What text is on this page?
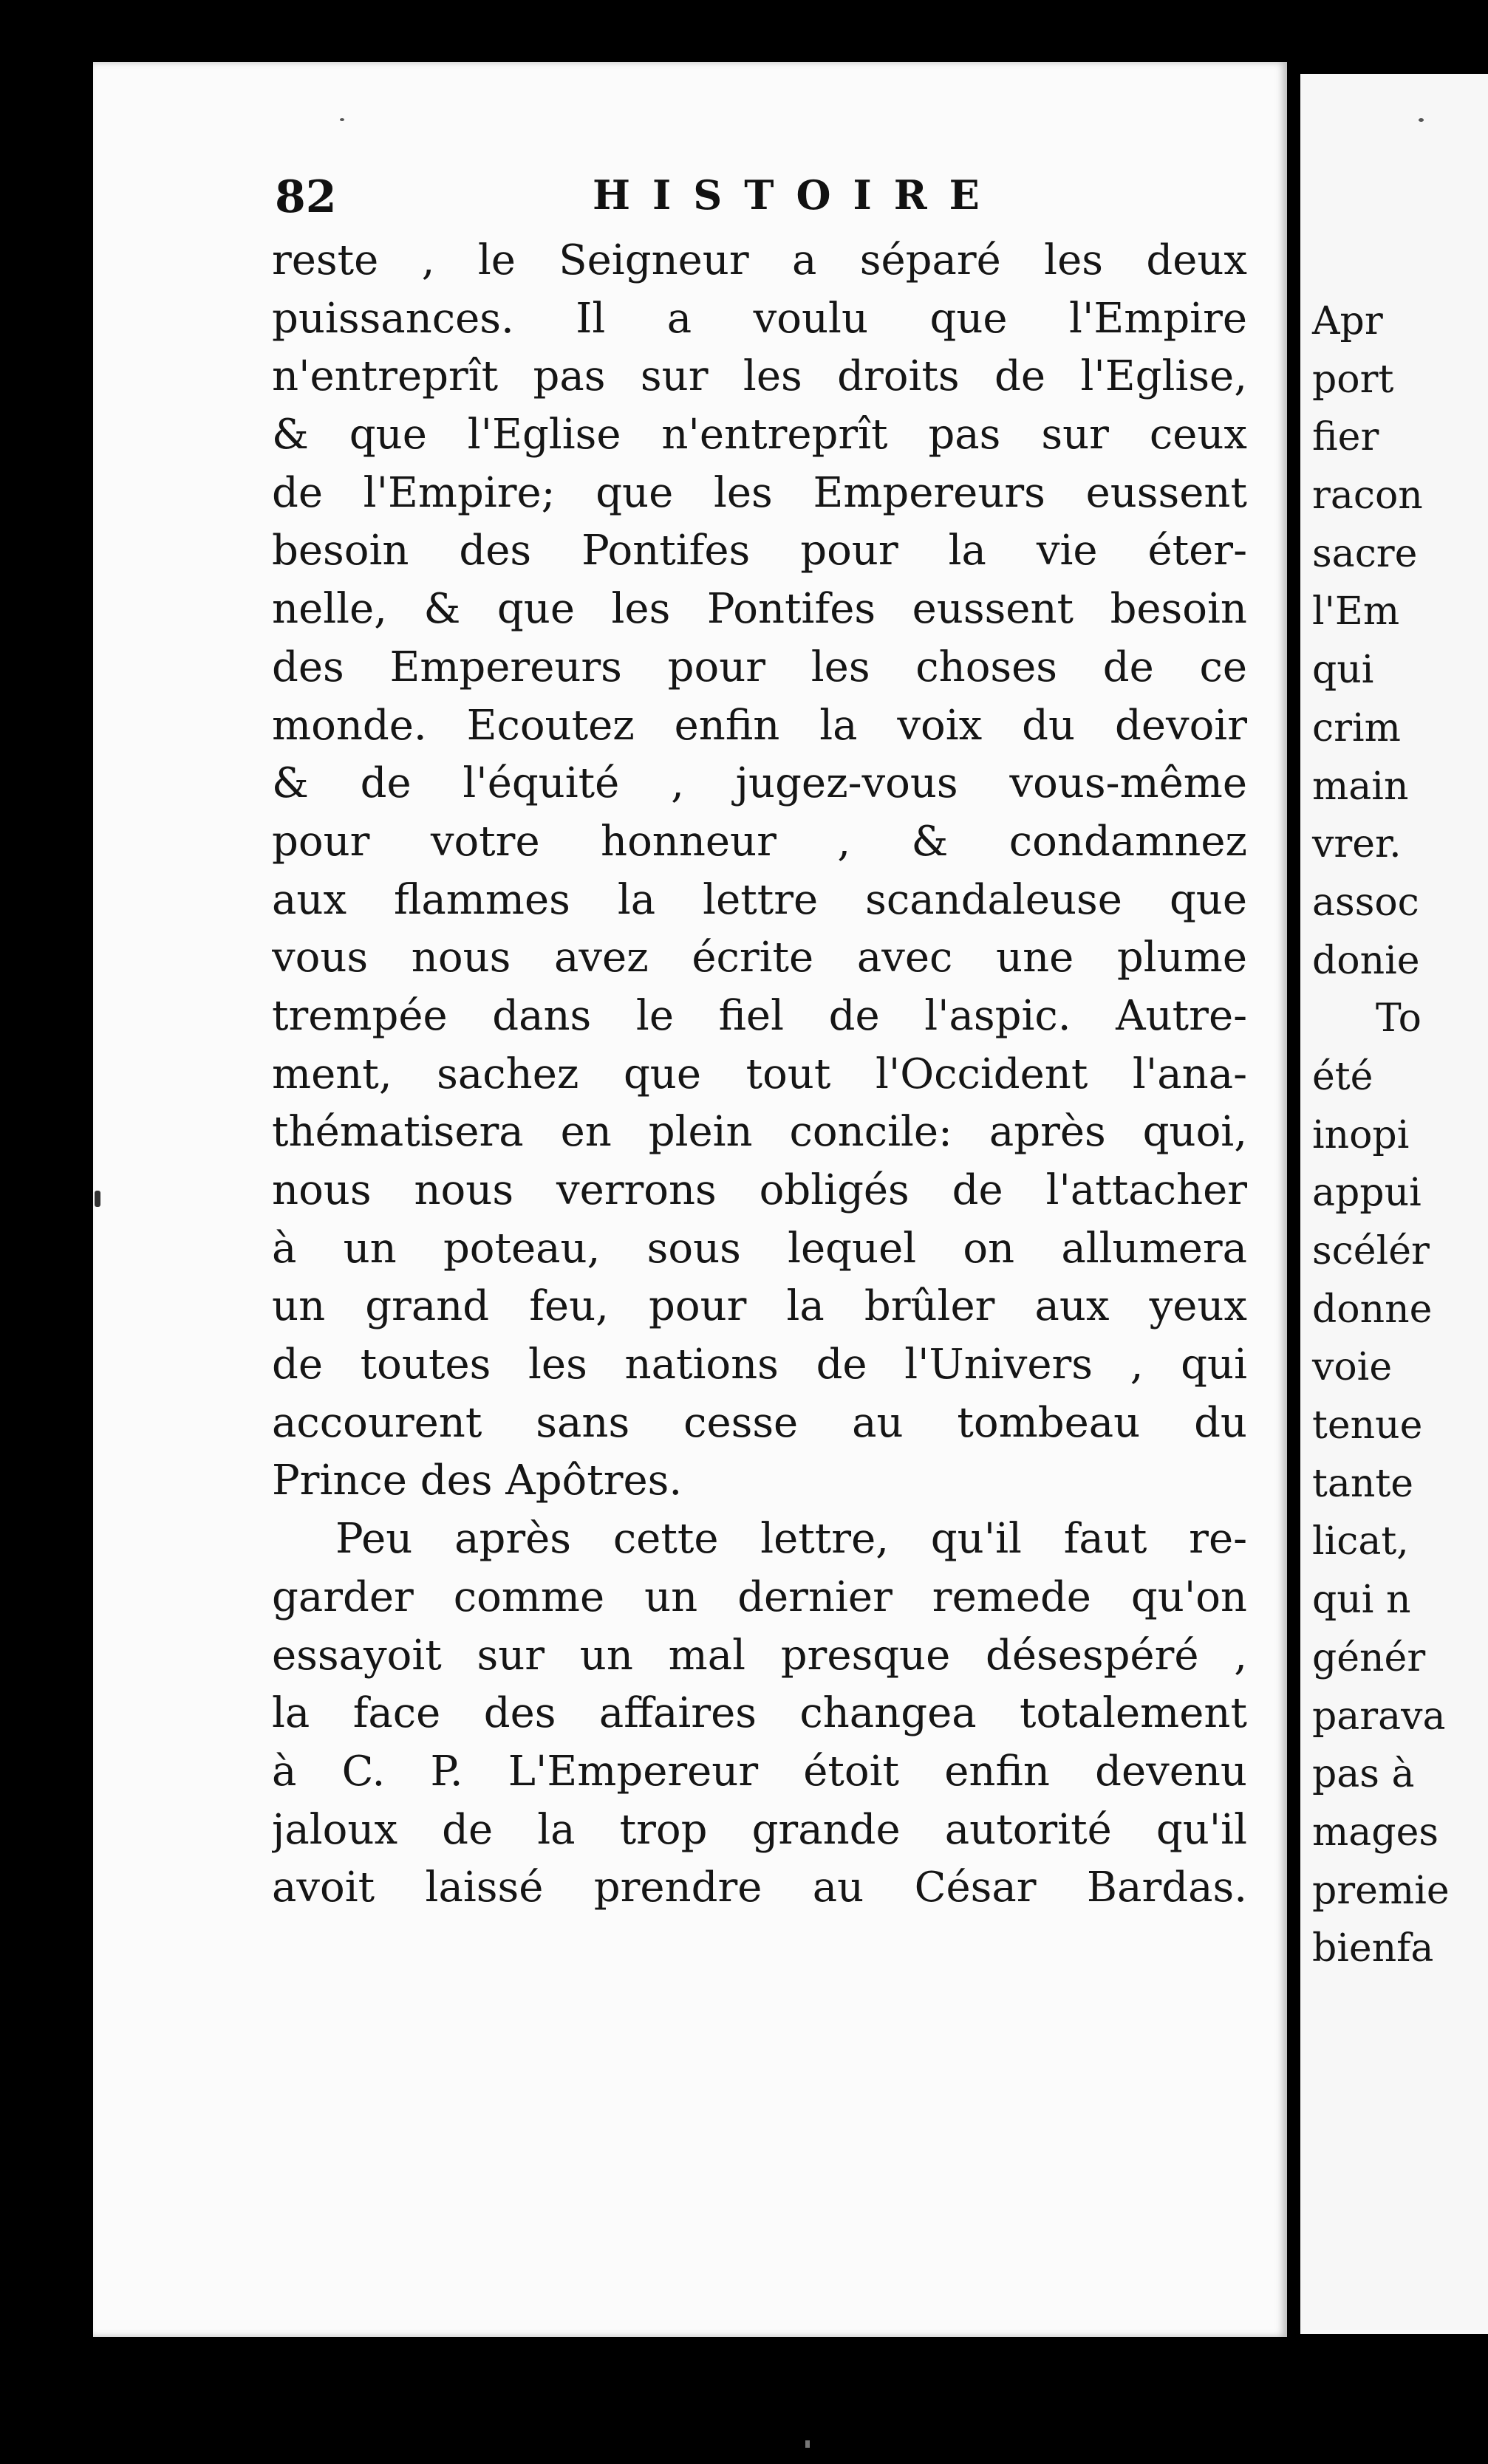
Apr
port
fier
racon
sacre
l'Em
qui
crim
main
vrer.
assoc
donie
To
été
inopi
appui
scélér
donne
voie
tenue
tante
licat,
qui n
génér
parava
pas à
mages
premie
bienfa
82	HISTOIRE
reste , le Seigneur a séparé les deux
puissances. Il a voulu que l'Empire
n'entreprît pas sur les droits de l'Eglise,
& que l'Eglise n'entreprît pas sur ceux
de l'Empire; que les Empereurs eussent
besoin des Pontifes pour la vie éter-
nelle, & que les Pontifes eussent besoin
des Empereurs pour les choses de ce
monde. Ecoutez enfin la voix du devoir
& de l'équité , jugez-vous vous-même
pour votre honneur , & condamnez
aux flammes la lettre scandaleuse que
vous nous avez écrite avec une plume
trempée dans le fiel de l'aspic. Autre-
ment, sachez que tout l'Occident l'ana-
thématisera en plein concile: après quoi,
nous nous verrons obligés de l'attacher
à un poteau, sous lequel on allumera
un grand feu, pour la brûler aux yeux
de toutes les nations de l'Univers , qui
accourent sans cesse au tombeau du
Prince des Apôtres.
Peu après cette lettre, qu'il faut re-
garder comme un dernier remede qu'on
essayoit sur un mal presque désespéré ,
la face des affaires changea totalement
à C. P. L'Empereur étoit enfin devenu
jaloux de la trop grande autorité qu'il
avoit laissé prendre au César Bardas.
